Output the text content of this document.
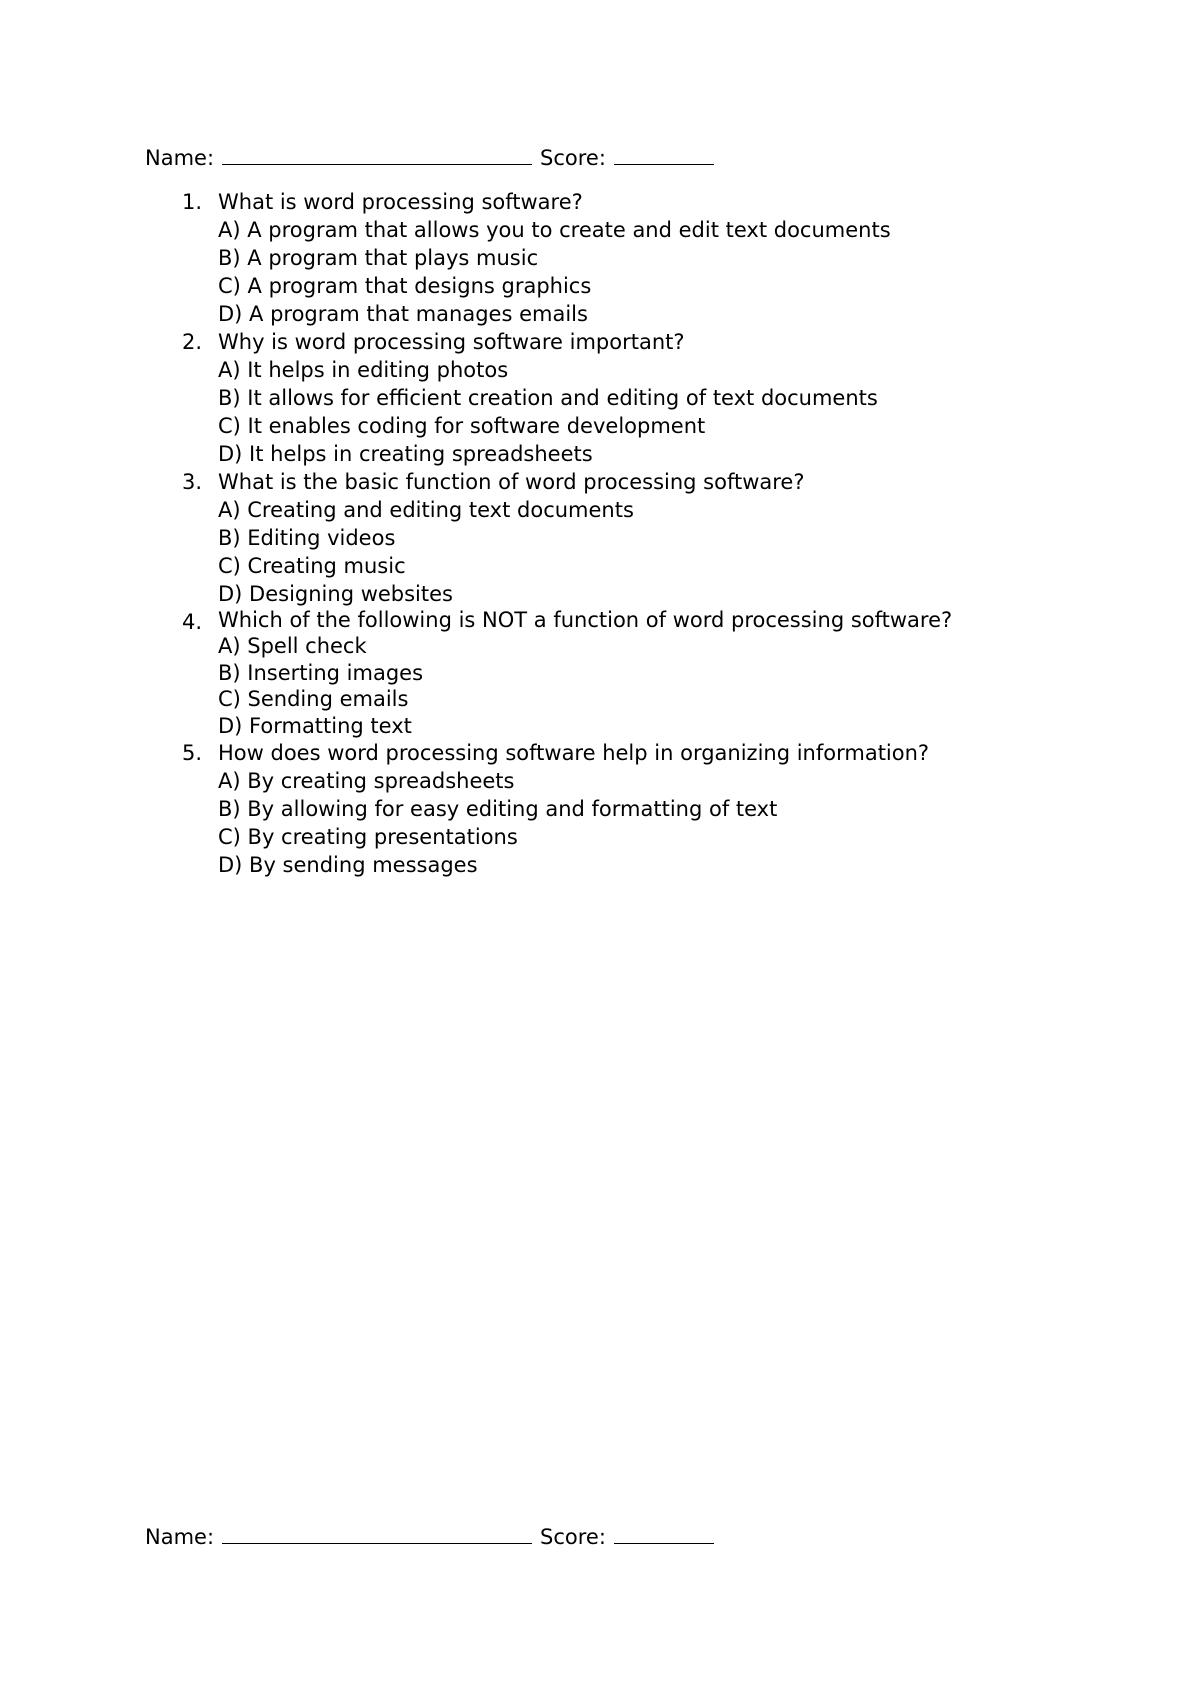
Name:	Score:
1. What is word processing software?
A) A program that allows you to create and edit text documents
B) A program that plays music
C) A program that designs graphics
D) A program that manages emails
2. Why is word processing software important?
A) It helps in editing photos
B) It allows for efficient creation and editing of text documents
C) It enables coding for software development
D) It helps in creating spreadsheets
3. What is the basic function of word processing software?
A) Creating and editing text documents
B) Editing videos
C) Creating music
D) Designing websites
4. Which of the following is NOT a function of word processing software?
A) Spell check
B) Inserting images
C) Sending emails
D) Formatting text
5. How does word processing software help in organizing information?
A) By creating spreadsheets
B) By allowing for easy editing and formatting of text
C) By creating presentations
D) By sending messages
Name:	Score:
